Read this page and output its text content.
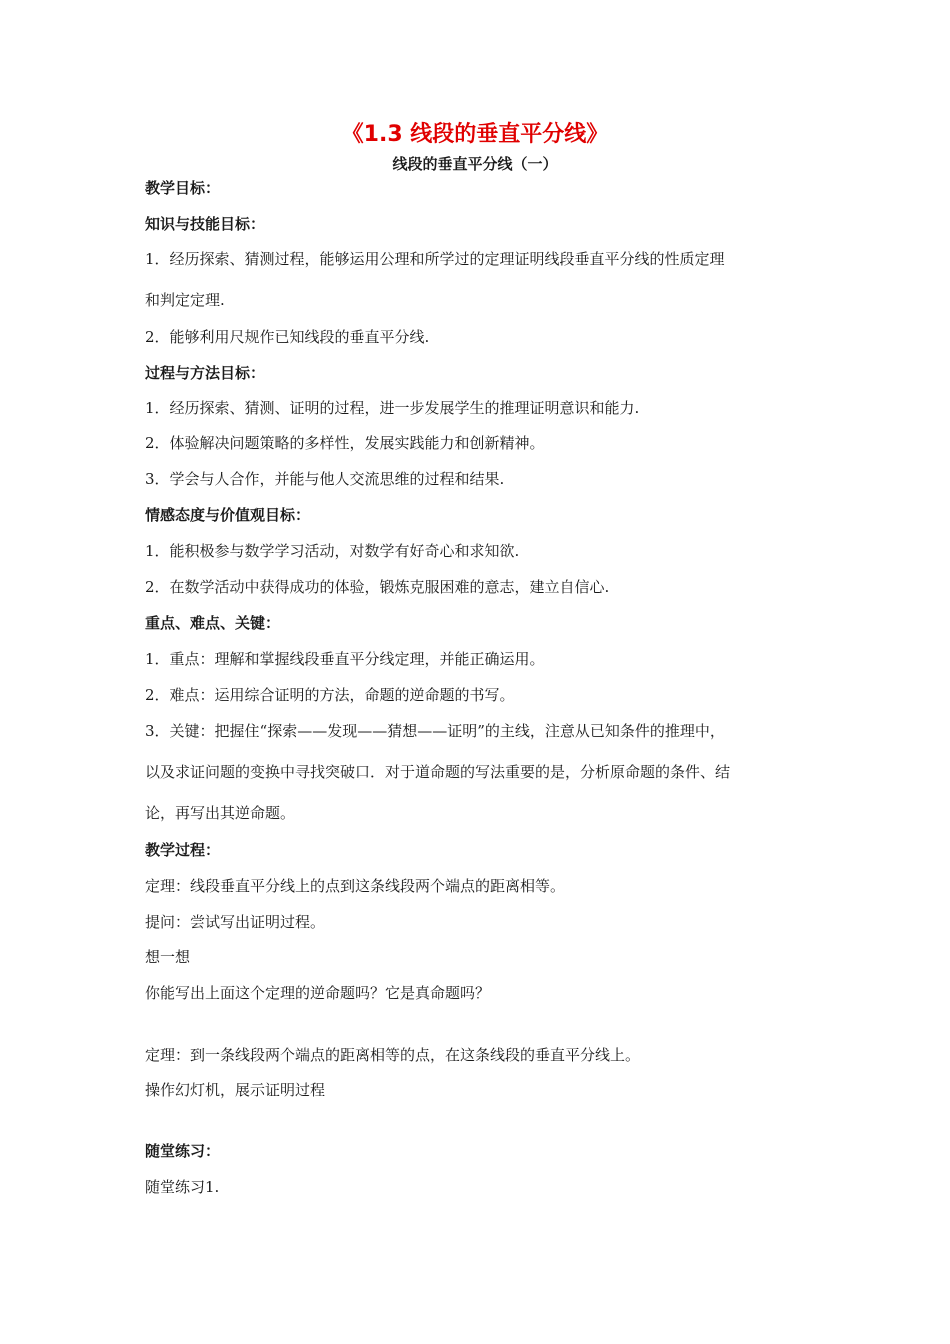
《1.3 线段的垂直平分线》
线段的垂直平分线（一）
教学目标：
知识与技能目标：
1．经历探索、猜测过程，能够运用公理和所学过的定理证明线段垂直平分线的性质定理
和判定定理.
2．能够利用尺规作已知线段的垂直平分线.
过程与方法目标：
1．经历探索、猜测、证明的过程，进一步发展学生的推理证明意识和能力.
2．体验解决问题策略的多样性，发展实践能力和创新精神。
3．学会与人合作，并能与他人交流思维的过程和结果.
情感态度与价值观目标：
1．能积极参与数学学习活动，对数学有好奇心和求知欲.
2．在数学活动中获得成功的体验，锻炼克服困难的意志，建立自信心.
重点、难点、关键：
1．重点：理解和掌握线段垂直平分线定理，并能正确运用。
2．难点：运用综合证明的方法，命题的逆命题的书写。
3．关键：把握住“探索——发现——猜想——证明”的主线，注意从已知条件的推理中，
以及求证问题的变换中寻找突破口．对于道命题的写法重要的是，分析原命题的条件、结
论，再写出其逆命题。
教学过程：
定理：线段垂直平分线上的点到这条线段两个端点的距离相等。
提问：尝试写出证明过程。
想一想
你能写出上面这个定理的逆命题吗？它是真命题吗？
定理：到一条线段两个端点的距离相等的点，在这条线段的垂直平分线上。
操作幻灯机，展示证明过程
随堂练习：
随堂练习1.
